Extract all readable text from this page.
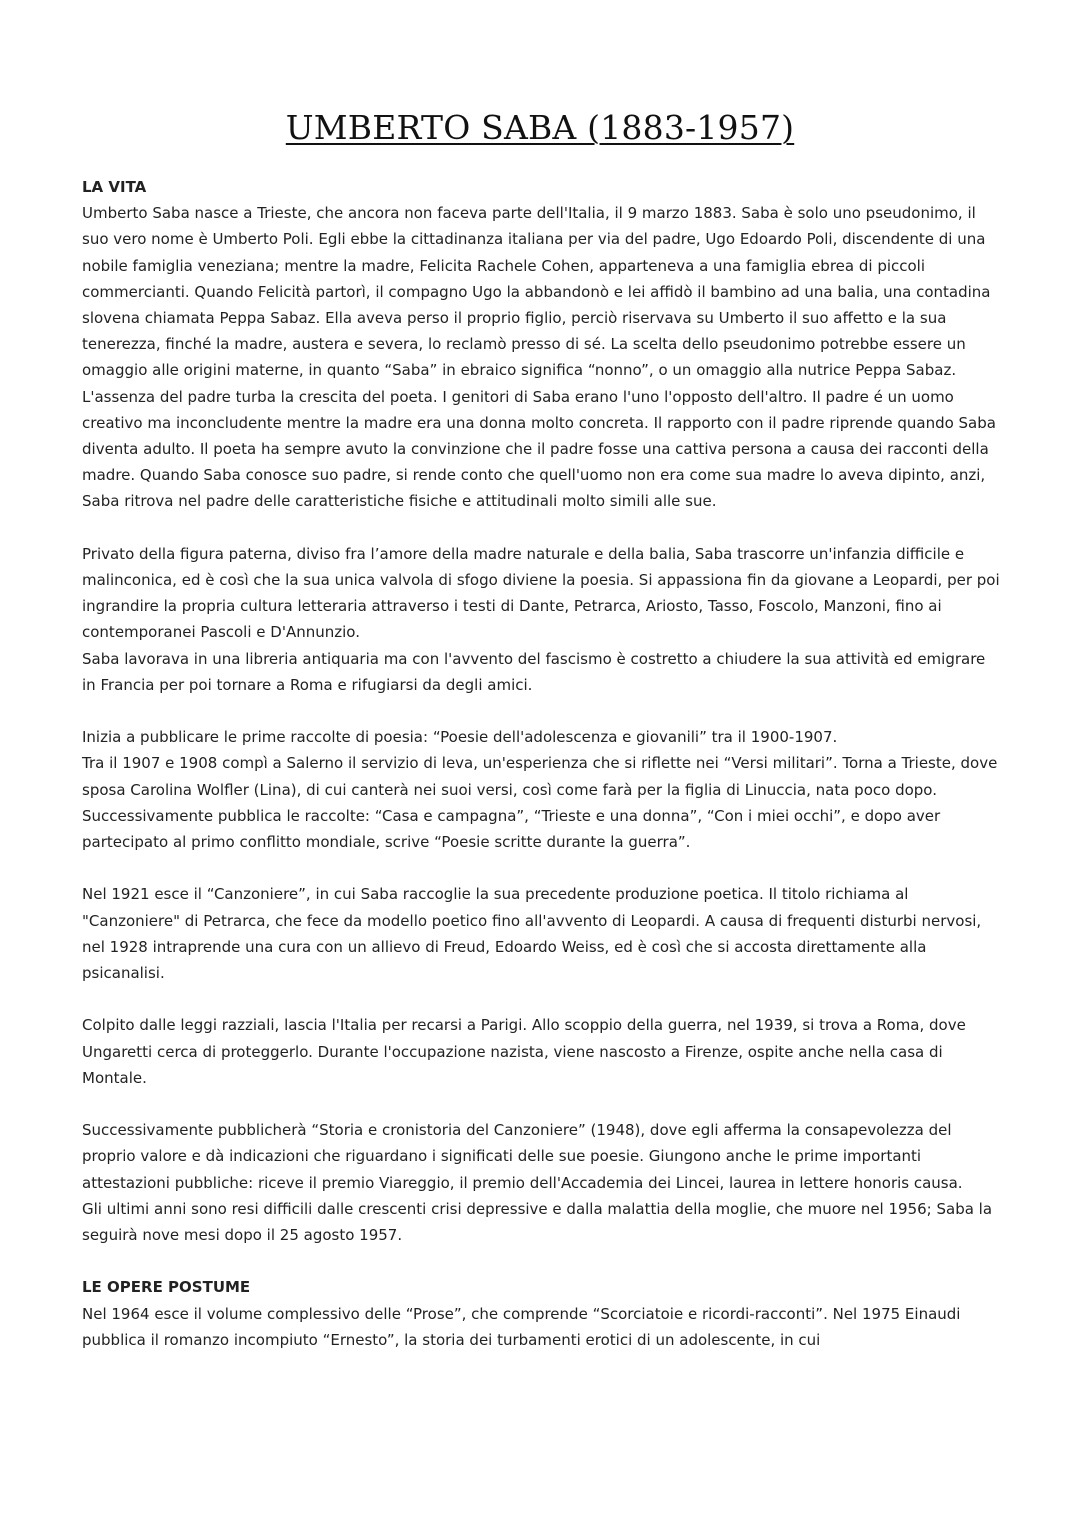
UMBERTO SABA (1883-1957)

LA VITA

Umberto Saba nasce a Trieste, che ancora non faceva parte dell'Italia, il 9 marzo 1883. Saba è solo uno pseudonimo, il suo vero nome è Umberto Poli. Egli ebbe la cittadinanza italiana per via del padre, Ugo Edoardo Poli, discendente di una nobile famiglia veneziana; mentre la madre, Felicita Rachele Cohen, apparteneva a una famiglia ebrea di piccoli commercianti. Quando Felicità partorì, il compagno Ugo la abbandonò e lei affidò il bambino ad una balia, una contadina slovena chiamata Peppa Sabaz. Ella aveva perso il proprio figlio, perciò riservava su Umberto il suo affetto e la sua tenerezza, finché la madre, austera e severa, lo reclamò presso di sé. La scelta dello pseudonimo potrebbe essere un omaggio alle origini materne, in quanto “Saba” in ebraico significa “nonno”, o un omaggio alla nutrice Peppa Sabaz. L'assenza del padre turba la crescita del poeta. I genitori di Saba erano l'uno l'opposto dell'altro. Il padre é un uomo creativo ma inconcludente mentre la madre era una donna molto concreta. Il rapporto con il padre riprende quando Saba diventa adulto. Il poeta ha sempre avuto la convinzione che il padre fosse una cattiva persona a causa dei racconti della madre. Quando Saba conosce suo padre, si rende conto che quell'uomo non era come sua madre lo aveva dipinto, anzi, Saba ritrova nel padre delle caratteristiche fisiche e attitudinali molto simili alle sue.

Privato della figura paterna, diviso fra l’amore della madre naturale e della balia, Saba trascorre un'infanzia difficile e malinconica, ed è così che la sua unica valvola di sfogo diviene la poesia. Si appassiona fin da giovane a Leopardi, per poi ingrandire la propria cultura letteraria attraverso i testi di Dante, Petrarca, Ariosto, Tasso, Foscolo, Manzoni, fino ai contemporanei Pascoli e D'Annunzio.

Saba lavorava in una libreria antiquaria ma con l'avvento del fascismo è costretto a chiudere la sua attività ed emigrare in Francia per poi tornare a Roma e rifugiarsi da degli amici.

Inizia a pubblicare le prime raccolte di poesia: “Poesie dell'adolescenza e giovanili” tra il 1900-1907.

Tra il 1907 e 1908 compì a Salerno il servizio di leva, un'esperienza che si riflette nei “Versi militari”. Torna a Trieste, dove sposa Carolina Wolfler (Lina), di cui canterà nei suoi versi, così come farà per la figlia di Linuccia, nata poco dopo. Successivamente pubblica le raccolte: “Casa e campagna”, “Trieste e una donna”, “Con i miei occhi”, e dopo aver partecipato al primo conflitto mondiale, scrive “Poesie scritte durante la guerra”.

Nel 1921 esce il “Canzoniere”, in cui Saba raccoglie la sua precedente produzione poetica. Il titolo richiama al "Canzoniere" di Petrarca, che fece da modello poetico fino all'avvento di Leopardi. A causa di frequenti disturbi nervosi, nel 1928 intraprende una cura con un allievo di Freud, Edoardo Weiss, ed è così che si accosta direttamente alla psicanalisi.

Colpito dalle leggi razziali, lascia l'Italia per recarsi a Parigi. Allo scoppio della guerra, nel 1939, si trova a Roma, dove Ungaretti cerca di proteggerlo. Durante l'occupazione nazista, viene nascosto a Firenze, ospite anche nella casa di Montale.

Successivamente pubblicherà “Storia e cronistoria del Canzoniere” (1948), dove egli afferma la consapevolezza del proprio valore e dà indicazioni che riguardano i significati delle sue poesie. Giungono anche le prime importanti attestazioni pubbliche: riceve il premio Viareggio, il premio dell'Accademia dei Lincei, laurea in lettere honoris causa.

Gli ultimi anni sono resi difficili dalle crescenti crisi depressive e dalla malattia della moglie, che muore nel 1956; Saba la seguirà nove mesi dopo il 25 agosto 1957.

LE OPERE POSTUME

Nel 1964 esce il volume complessivo delle “Prose”, che comprende “Scorciatoie e ricordi-racconti”. Nel 1975 Einaudi pubblica il romanzo incompiuto “Ernesto”, la storia dei turbamenti erotici di un adolescente, in cui
